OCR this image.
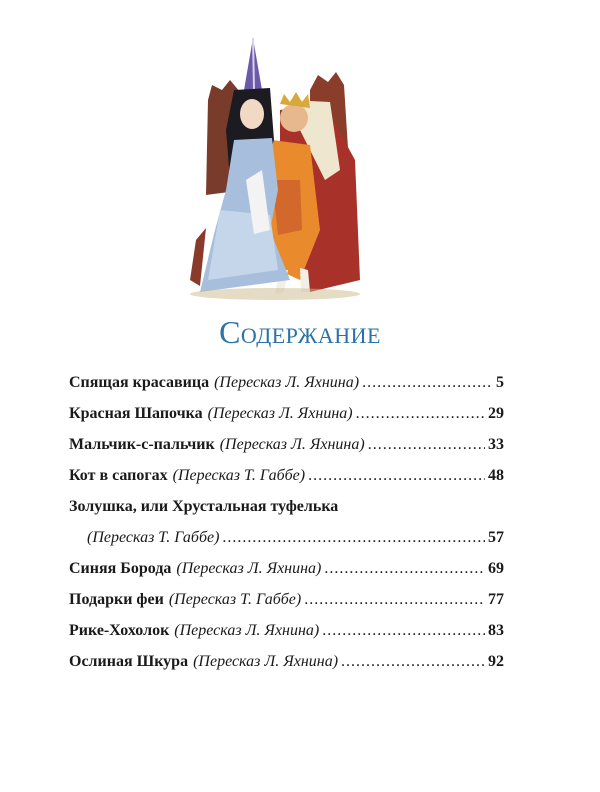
Содержание
Спящая красавица (Пересказ Л. Яхнина) .....	5
Красная Шапочка (Пересказ Л. Яхнина) .....	29
Мальчик-с-пальчик (Пересказ Л. Яхнина) .....	33
Кот в сапогах (Пересказ Т. Габбе) .....	48
Золушка, или Хрустальная туфелька
(Пересказ Т. Габбе) .....	57
Синяя Борода (Пересказ Л. Яхнина) .....	69
Подарки феи (Пересказ Т. Габбе) .....	77
Рике-Хохолок (Пересказ Л. Яхнина) .....	83
Ослиная Шкура (Пересказ Л. Яхнина) .....	92
